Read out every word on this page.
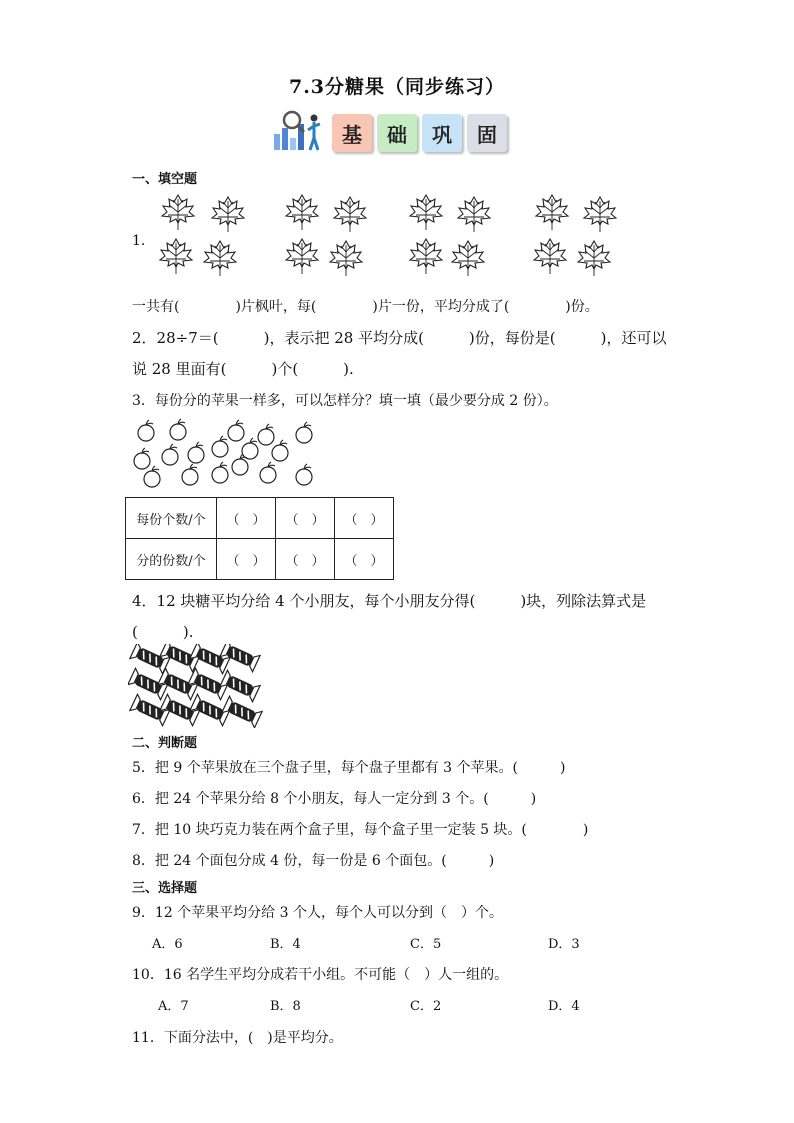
7.3分糖果（同步练习）
基 础 巩 固
一、填空题
1．
一共有(　　　　)片枫叶，每(　　　　)片一份，平均分成了(　　　　)份。
2．28÷7＝(　　　)，表示把 28 平均分成(　　　)份，每份是(　　　)，还可以
说 28 里面有(　　　)个(　　　).
3．每份分的苹果一样多，可以怎样分？填一填（最少要分成 2 份）。
每份个数/个	（　）	（　）	（　）
分的份数/个	（　）	（　）	（　）
4．12 块糖平均分给 4 个小朋友，每个小朋友分得(　　　)块，列除法算式是
(　　　).
二、判断题
5．把 9 个苹果放在三个盘子里，每个盘子里都有 3 个苹果。(　　　)
6．把 24 个苹果分给 8 个小朋友，每人一定分到 3 个。(　　　)
7．把 10 块巧克力装在两个盒子里，每个盒子里一定装 5 块。(　　　　)
8．把 24 个面包分成 4 份，每一份是 6 个面包。(　　　)
三、选择题
9．12 个苹果平均分给 3 个人，每个人可以分到（　）个。
A．6	B．4	C．5	D．3
10．16 名学生平均分成若干小组。不可能（　）人一组的。
A．7	B．8	C．2	D．4
11．下面分法中，(　)是平均分。
